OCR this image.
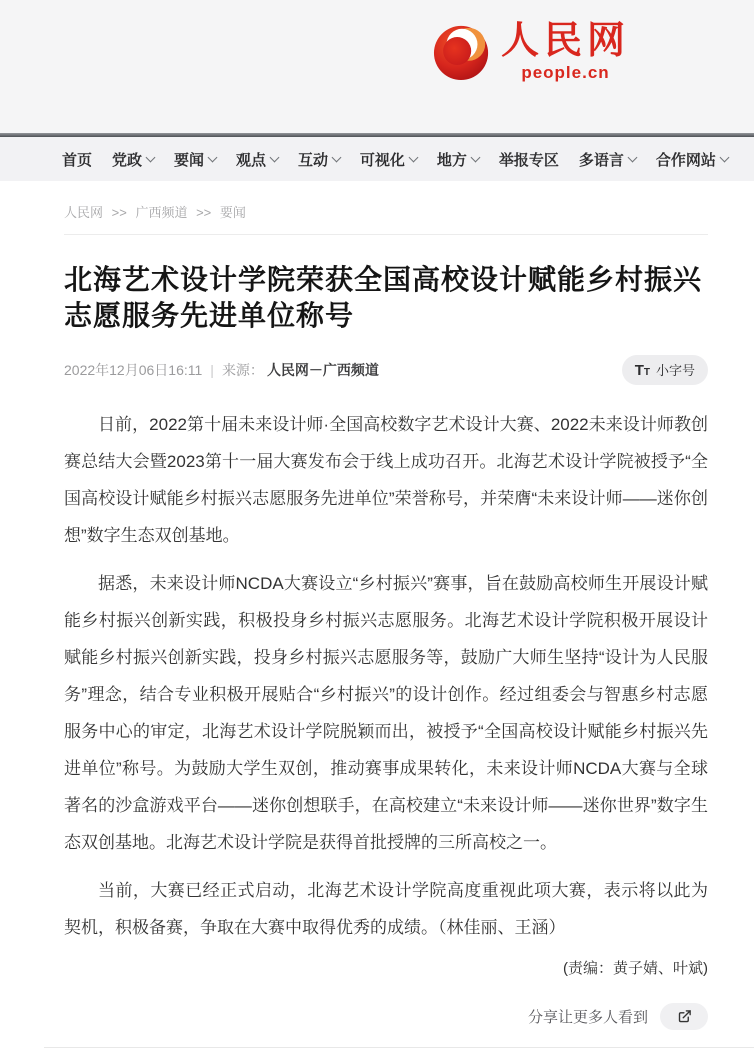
人民网
people.cn
首页 党政 要闻 观点 互动 可视化 地方 举报专区 多语言 合作网站
人民网 >> 广西频道 >> 要闻
北海艺术设计学院荣获全国高校设计赋能乡村振兴志愿服务先进单位称号
2022年12月06日16:11 | 来源： 人民网－广西频道	T T 小字号

日前，2022第十届未来设计师·全国高校数字艺术设计大赛、2022未来设计师教创赛总结大会暨2023第十一届大赛发布会于线上成功召开。北海艺术设计学院被授予“全国高校设计赋能乡村振兴志愿服务先进单位”荣誉称号，并荣膺“未来设计师——迷你创想”数字生态双创基地。

据悉，未来设计师NCDA大赛设立“乡村振兴”赛事，旨在鼓励高校师生开展设计赋能乡村振兴创新实践，积极投身乡村振兴志愿服务。北海艺术设计学院积极开展设计赋能乡村振兴创新实践，投身乡村振兴志愿服务等，鼓励广大师生坚持“设计为人民服务”理念，结合专业积极开展贴合“乡村振兴”的设计创作。经过组委会与智惠乡村志愿服务中心的审定，北海艺术设计学院脱颖而出，被授予“全国高校设计赋能乡村振兴先进单位”称号。为鼓励大学生双创，推动赛事成果转化，未来设计师NCDA大赛与全球著名的沙盒游戏平台——迷你创想联手，在高校建立“未来设计师——迷你世界”数字生态双创基地。北海艺术设计学院是获得首批授牌的三所高校之一。

当前，大赛已经正式启动，北海艺术设计学院高度重视此项大赛，表示将以此为契机，积极备赛，争取在大赛中取得优秀的成绩。（林佳丽、王涵）

(责编：黄子婧、叶斌)
分享让更多人看到
